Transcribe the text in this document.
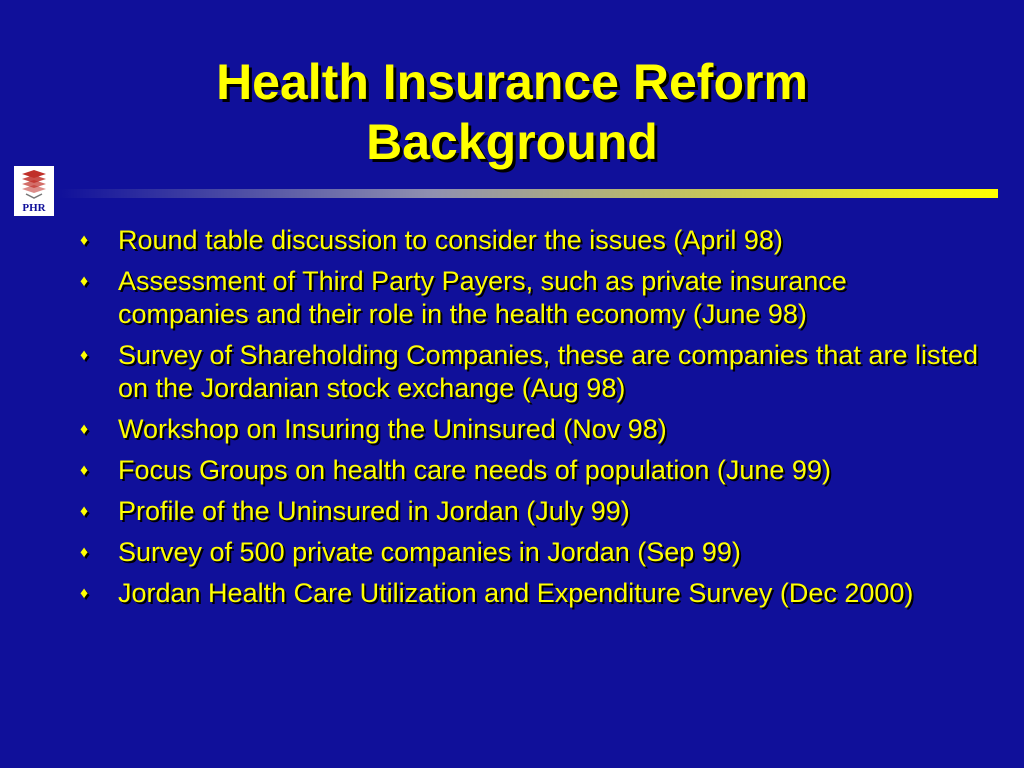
Health Insurance Reform
Background
PHR
♦ Round table discussion to consider the issues (April 98)
♦ Assessment of Third Party Payers, such as private insurance companies and their role in the health economy (June 98)
♦ Survey of Shareholding Companies, these are companies that are listed on the Jordanian stock exchange (Aug 98)
♦ Workshop on Insuring the Uninsured (Nov 98)
♦ Focus Groups on health care needs of population (June 99)
♦ Profile of the Uninsured in Jordan (July 99)
♦ Survey of 500 private companies in Jordan (Sep 99)
♦ Jordan Health Care Utilization and Expenditure Survey (Dec 2000)
